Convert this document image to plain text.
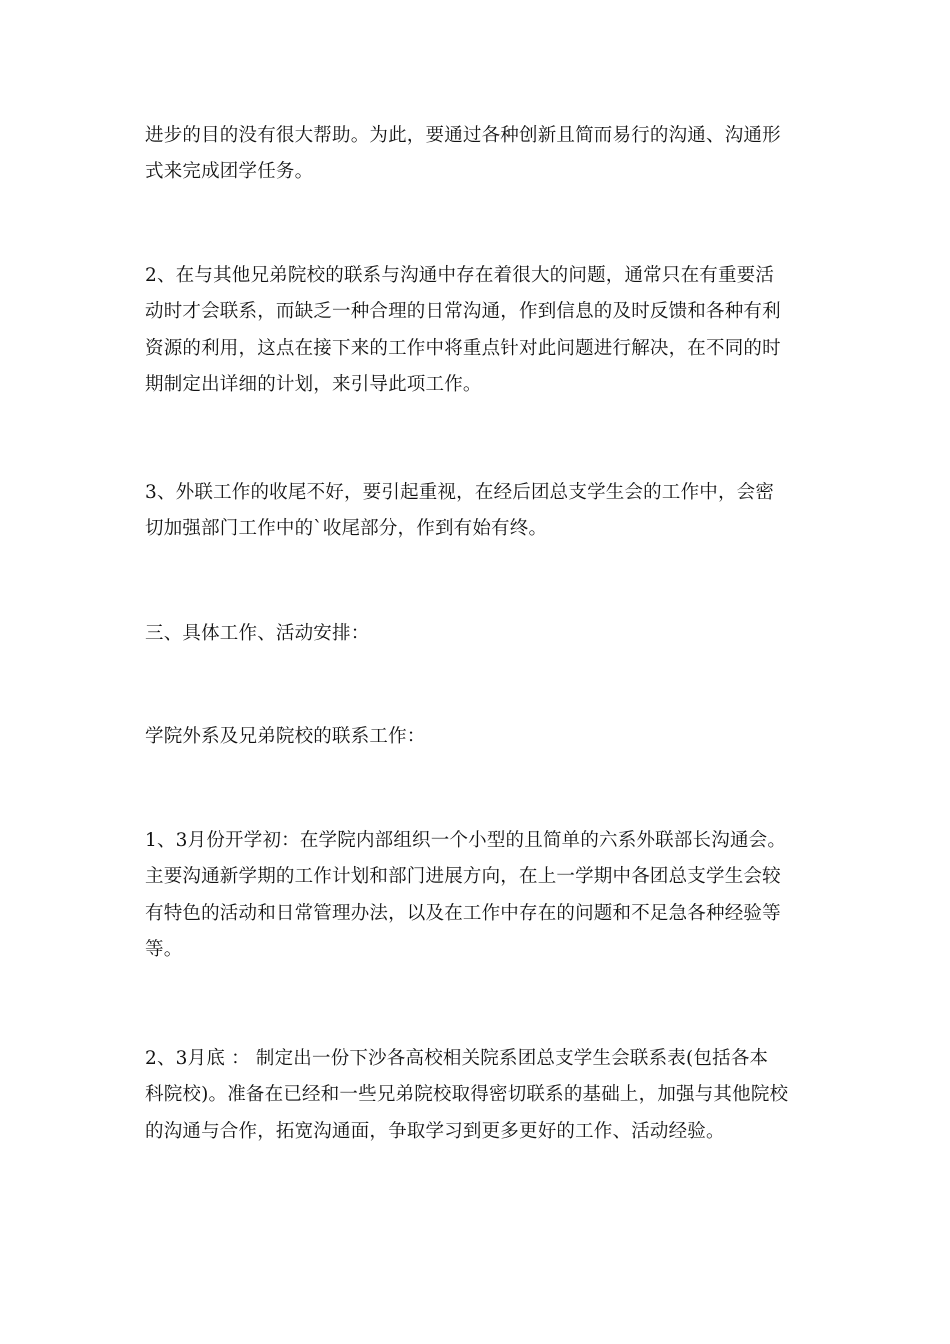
进步的目的没有很大帮助。为此，要通过各种创新且简而易行的沟通、沟通形
式来完成团学任务。

2、在与其他兄弟院校的联系与沟通中存在着很大的问题，通常只在有重要活
动时才会联系，而缺乏一种合理的日常沟通，作到信息的及时反馈和各种有利
资源的利用，这点在接下来的工作中将重点针对此问题进行解决，在不同的时
期制定出详细的计划，来引导此项工作。

3、外联工作的收尾不好，要引起重视，在经后团总支学生会的工作中，会密
切加强部门工作中的`收尾部分，作到有始有终。

三、具体工作、活动安排：

学院外系及兄弟院校的联系工作：

1、3月份开学初：在学院内部组织一个小型的且简单的六系外联部长沟通会。
主要沟通新学期的工作计划和部门进展方向，在上一学期中各团总支学生会较
有特色的活动和日常管理办法，以及在工作中存在的问题和不足急各种经验等
等。

2、3月底 ： 制定出一份下沙各高校相关院系团总支学生会联系表(包括各本
科院校)。准备在已经和一些兄弟院校取得密切联系的基础上，加强与其他院校
的沟通与合作，拓宽沟通面，争取学习到更多更好的工作、活动经验。
